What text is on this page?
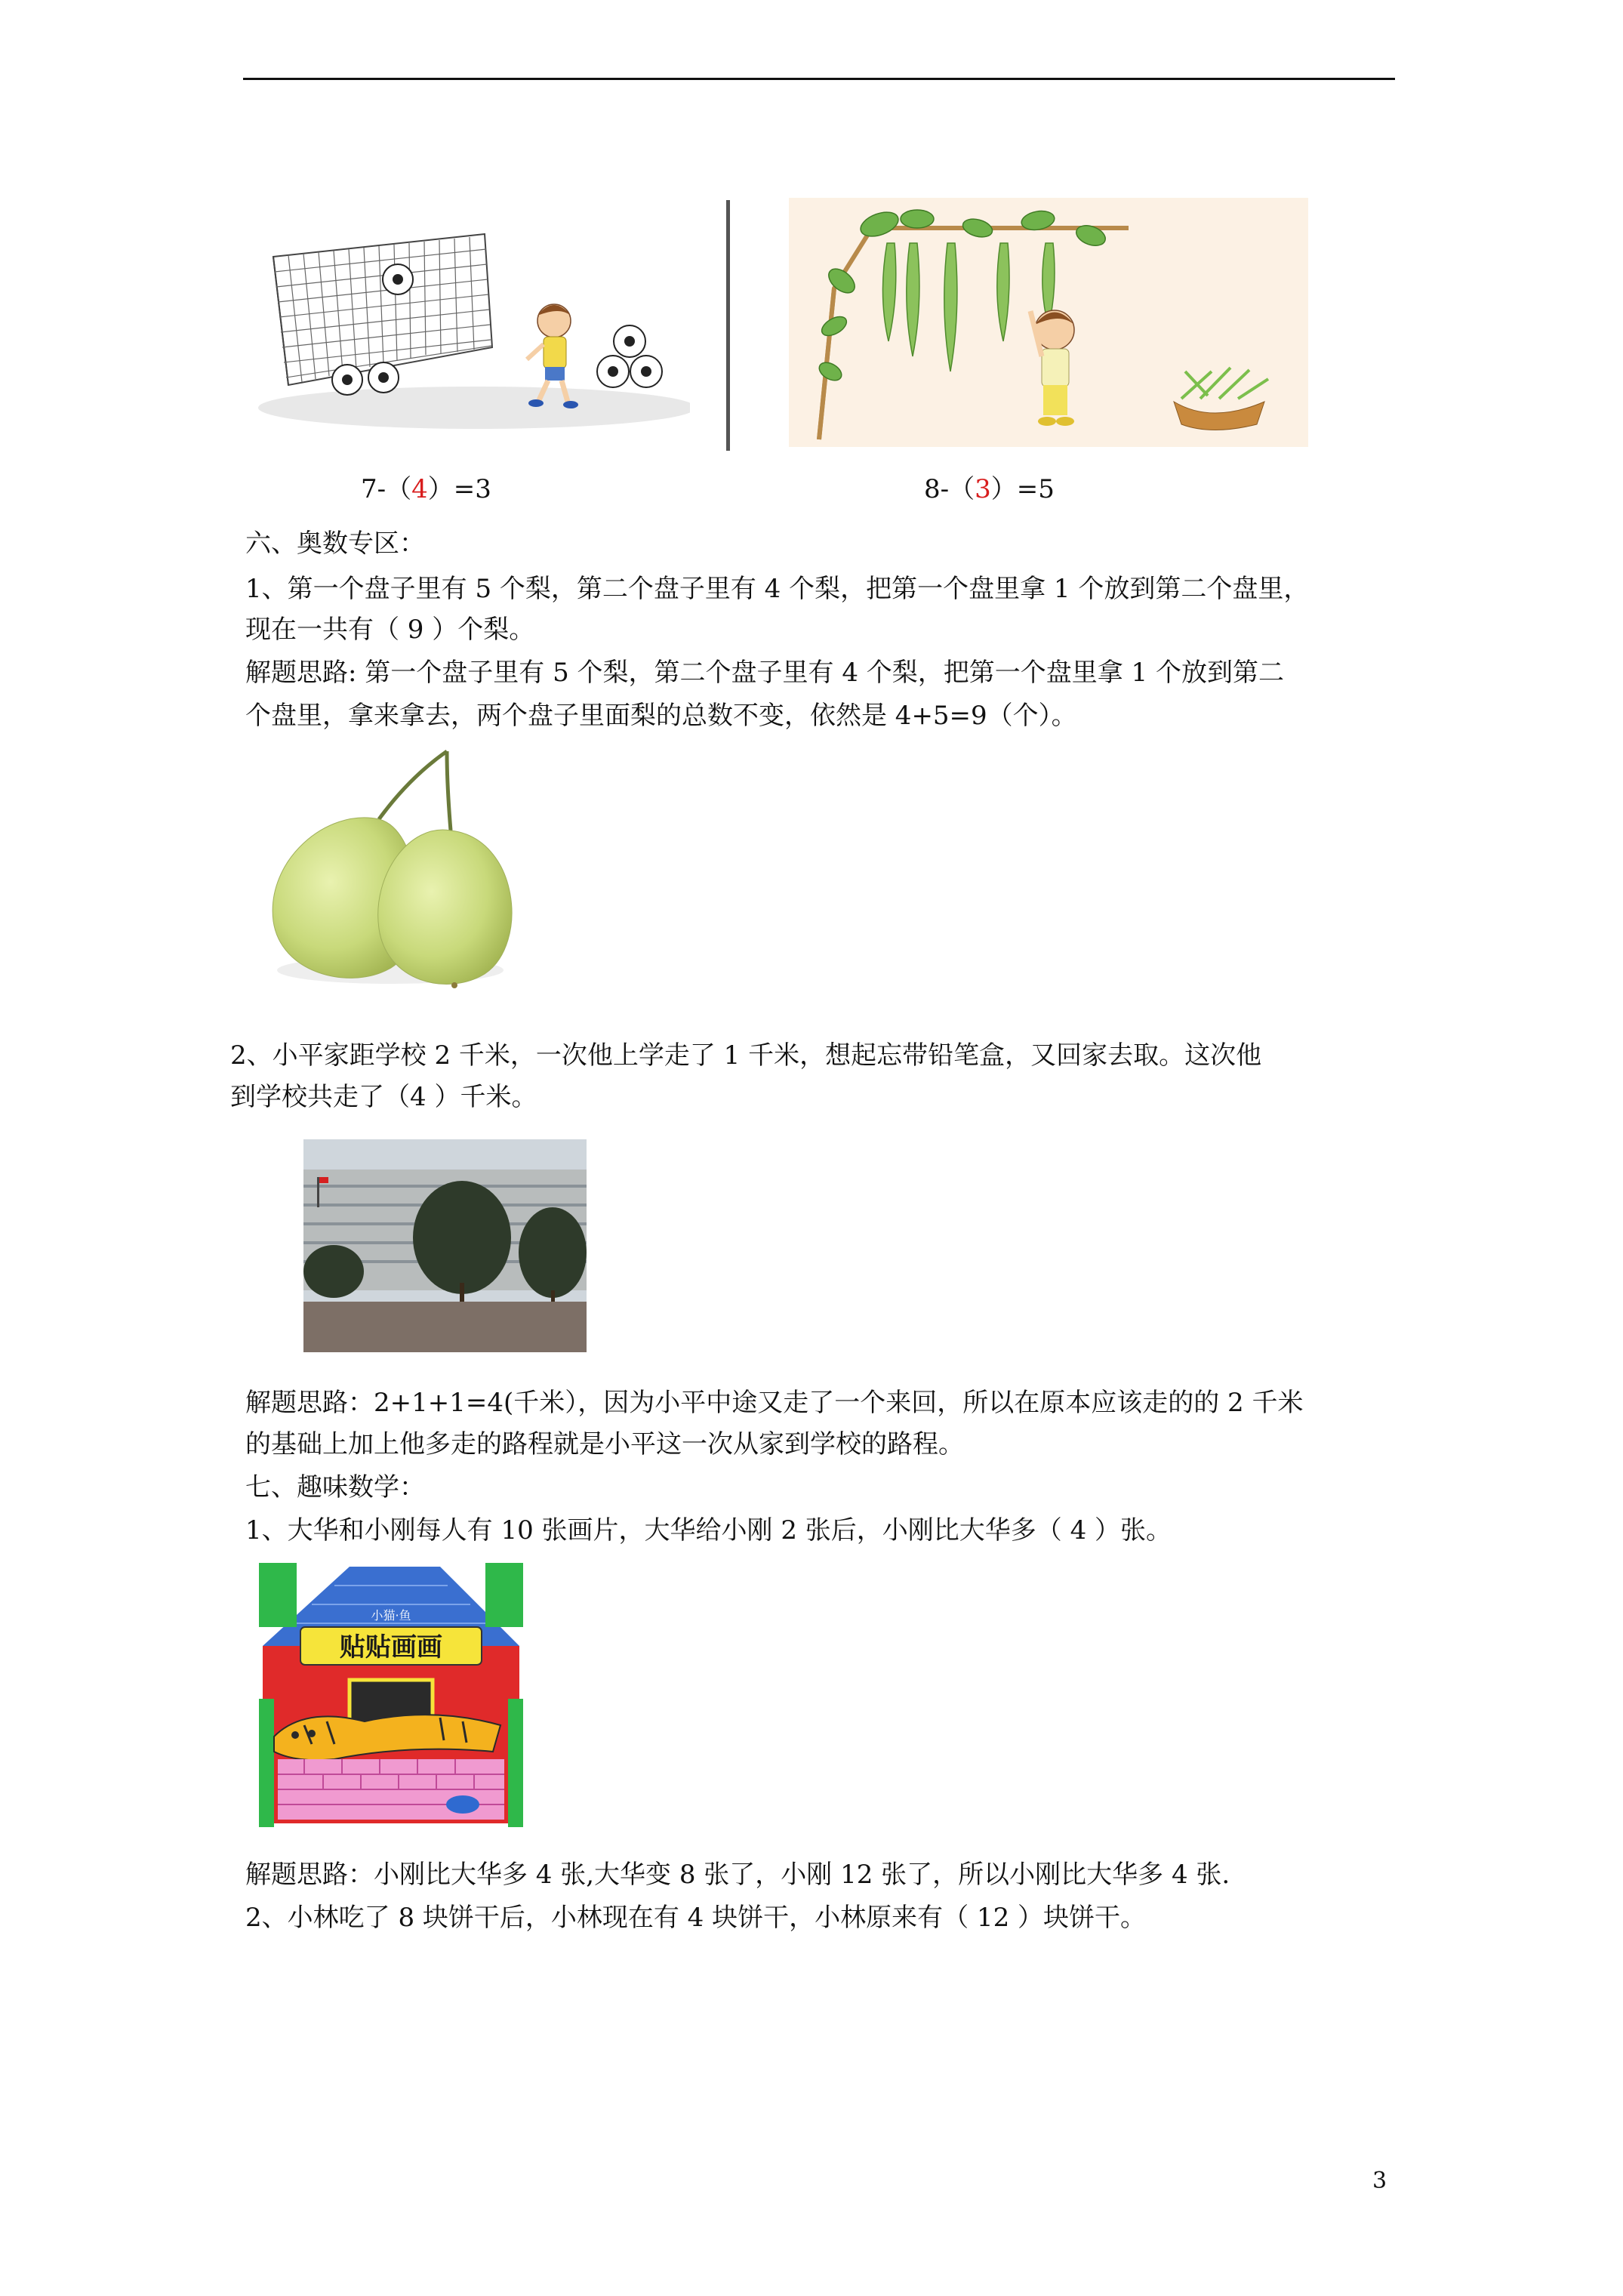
7-（4）=3	8-（3）=5
六、奥数专区：
1、第一个盘子里有 5 个梨，第二个盘子里有 4 个梨，把第一个盘里拿 1 个放到第二个盘里，
现在一共有（ 9 ）个梨。
解题思路: 第一个盘子里有 5 个梨，第二个盘子里有 4 个梨，把第一个盘里拿 1 个放到第二
个盘里，拿来拿去，两个盘子里面梨的总数不变，依然是 4+5=9（个）。
2、小平家距学校 2 千米，一次他上学走了 1 千米，想起忘带铅笔盒，又回家去取。这次他
到学校共走了（4 ）千米。
解题思路：2+1+1=4(千米），因为小平中途又走了一个来回，所以在原本应该走的的 2 千米
的基础上加上他多走的路程就是小平这一次从家到学校的路程。
七、趣味数学：
1、大华和小刚每人有 10 张画片，大华给小刚 2 张后，小刚比大华多（ 4 ）张。
贴贴画画
小猫·鱼
解题思路：小刚比大华多 4 张,大华变 8 张了，小刚 12 张了，所以小刚比大华多 4 张.
2、小林吃了 8 块饼干后，小林现在有 4 块饼干，小林原来有（ 12 ）块饼干。
3
